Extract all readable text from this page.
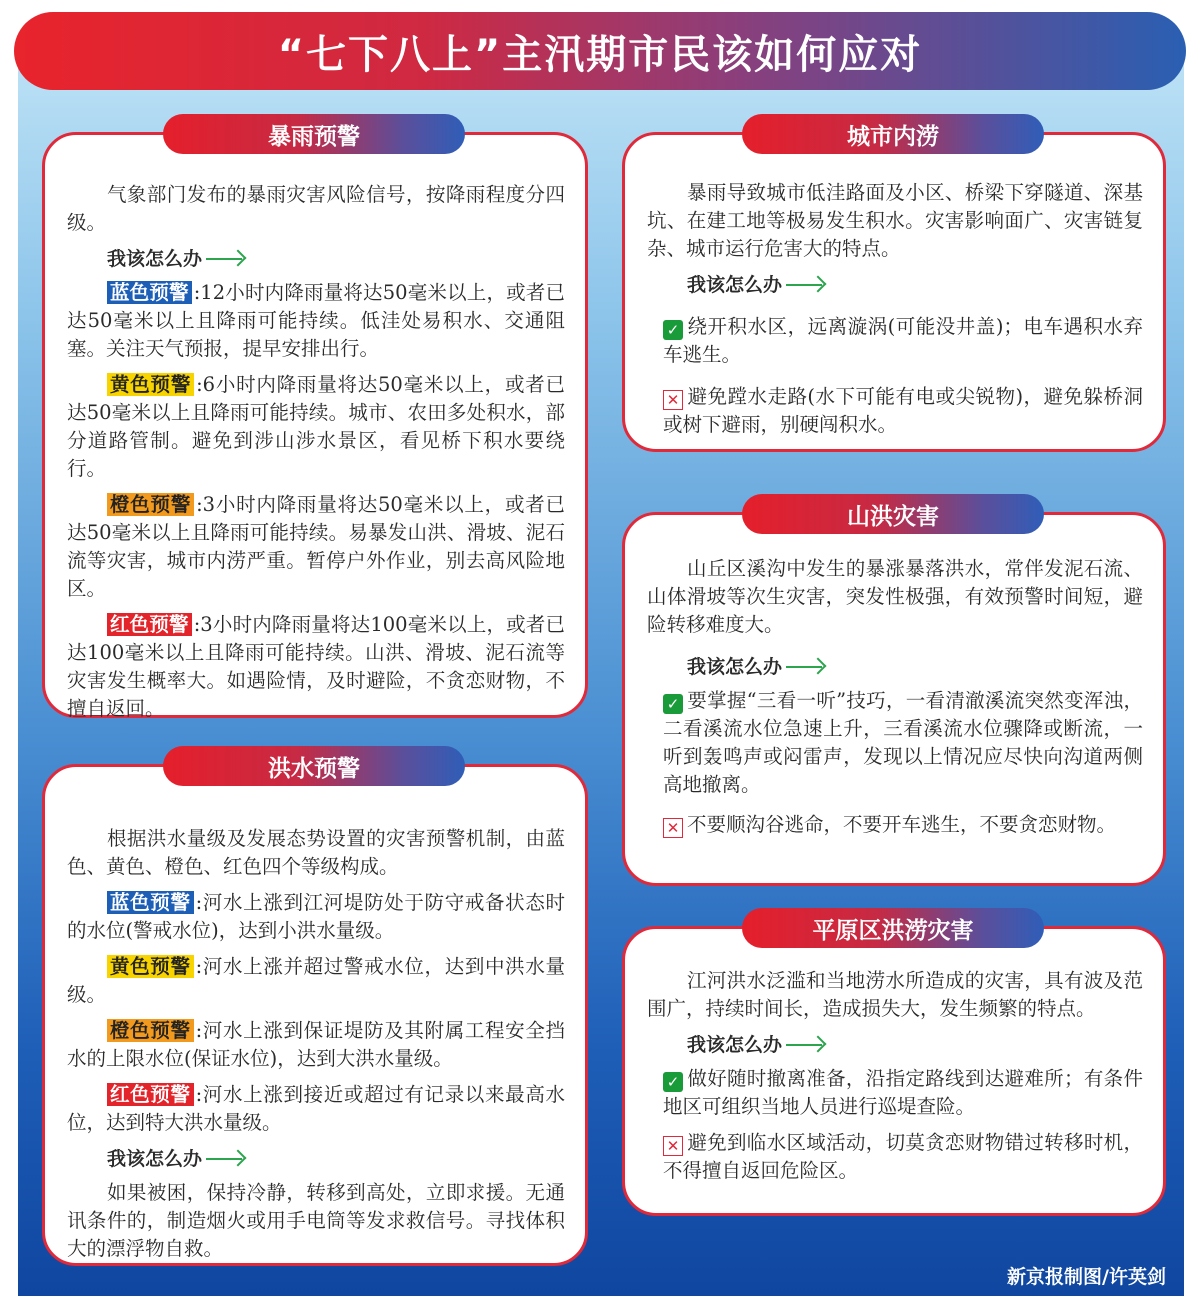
“七下八上”主汛期市民该如何应对
暴雨预警

气象部门发布的暴雨灾害风险信号，按降雨程度分四级。

我该怎么办

蓝色预警 :12小时内降雨量将达50毫米以上，或者已达50毫米以上且降雨可能持续。低洼处易积水、交通阻塞。关注天气预报，提早安排出行。

黄色预警 :6小时内降雨量将达50毫米以上，或者已达50毫米以上且降雨可能持续。城市、农田多处积水，部分道路管制。避免到涉山涉水景区，看见桥下积水要绕行。

橙色预警 :3小时内降雨量将达50毫米以上，或者已达50毫米以上且降雨可能持续。易暴发山洪、滑坡、泥石流等灾害，城市内涝严重。暂停户外作业，别去高风险地区。

红色预警 :3小时内降雨量将达100毫米以上，或者已达100毫米以上且降雨可能持续。山洪、滑坡、泥石流等灾害发生概率大。如遇险情，及时避险，不贪恋财物，不擅自返回。

洪水预警

根据洪水量级及发展态势设置的灾害预警机制，由蓝色、黄色、橙色、红色四个等级构成。

蓝色预警 :河水上涨到江河堤防处于防守戒备状态时的水位(警戒水位)，达到小洪水量级。

黄色预警 :河水上涨并超过警戒水位，达到中洪水量级。

橙色预警 :河水上涨到保证堤防及其附属工程安全挡水的上限水位(保证水位)，达到大洪水量级。

红色预警 :河水上涨到接近或超过有记录以来最高水位，达到特大洪水量级。

我该怎么办

如果被困，保持冷静，转移到高处，立即求援。无通讯条件的，制造烟火或用手电筒等发求救信号。寻找体积大的漂浮物自救。

城市内涝

暴雨导致城市低洼路面及小区、桥梁下穿隧道、深基坑、在建工地等极易发生积水。灾害影响面广、灾害链复杂、城市运行危害大的特点。

我该怎么办

✓ 绕开积水区，远离漩涡(可能没井盖)；电车遇积水弃车逃生。

✕ 避免蹚水走路(水下可能有电或尖锐物)，避免躲桥洞或树下避雨，别硬闯积水。

山洪灾害

山丘区溪沟中发生的暴涨暴落洪水，常伴发泥石流、山体滑坡等次生灾害，突发性极强，有效预警时间短，避险转移难度大。

我该怎么办

✓ 要掌握“三看一听”技巧，一看清澈溪流突然变浑浊，二看溪流水位急速上升，三看溪流水位骤降或断流，一听到轰鸣声或闷雷声，发现以上情况应尽快向沟道两侧高地撤离。

✕ 不要顺沟谷逃命，不要开车逃生，不要贪恋财物。

平原区洪涝灾害

江河洪水泛滥和当地涝水所造成的灾害，具有波及范围广，持续时间长，造成损失大，发生频繁的特点。

我该怎么办

✓ 做好随时撤离准备，沿指定路线到达避难所；有条件地区可组织当地人员进行巡堤查险。

✕ 避免到临水区域活动，切莫贪恋财物错过转移时机，不得擅自返回危险区。

新京报制图/许英剑
